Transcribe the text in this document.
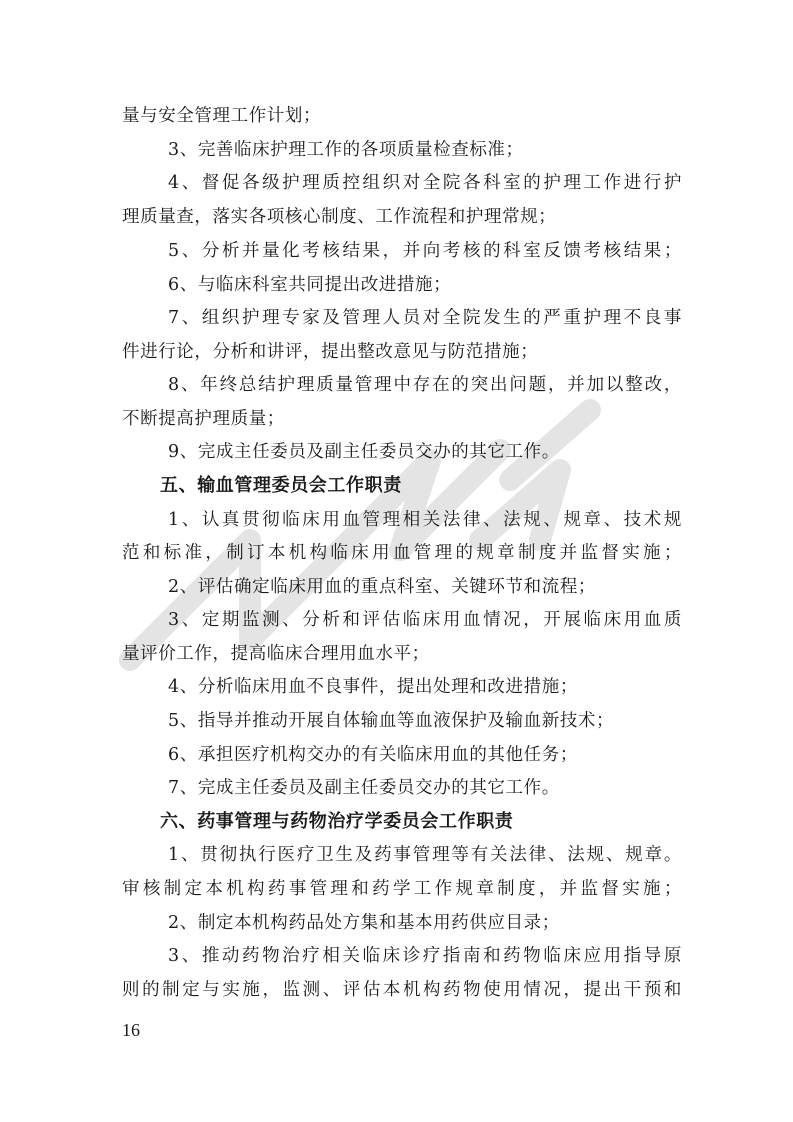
量与安全管理工作计划；
3、完善临床护理工作的各项质量检查标准；
4、督促各级护理质控组织对全院各科室的护理工作进行护
理质量查，落实各项核心制度、工作流程和护理常规；
5、分析并量化考核结果，并向考核的科室反馈考核结果；
6、与临床科室共同提出改进措施；
7、组织护理专家及管理人员对全院发生的严重护理不良事
件进行论，分析和讲评，提出整改意见与防范措施；
8、年终总结护理质量管理中存在的突出问题，并加以整改，
不断提高护理质量；
9、完成主任委员及副主任委员交办的其它工作。
五、输血管理委员会工作职责
1、认真贯彻临床用血管理相关法律、法规、规章、技术规
范和标准，制订本机构临床用血管理的规章制度并监督实施；
2、评估确定临床用血的重点科室、关键环节和流程；
3、定期监测、分析和评估临床用血情况，开展临床用血质
量评价工作，提高临床合理用血水平；
4、分析临床用血不良事件，提出处理和改进措施；
5、指导并推动开展自体输血等血液保护及输血新技术；
6、承担医疗机构交办的有关临床用血的其他任务；
7、完成主任委员及副主任委员交办的其它工作。
六、药事管理与药物治疗学委员会工作职责
1、贯彻执行医疗卫生及药事管理等有关法律、法规、规章。
审核制定本机构药事管理和药学工作规章制度，并监督实施；
2、制定本机构药品处方集和基本用药供应目录；
3、推动药物治疗相关临床诊疗指南和药物临床应用指导原
则的制定与实施，监测、评估本机构药物使用情况，提出干预和
16
